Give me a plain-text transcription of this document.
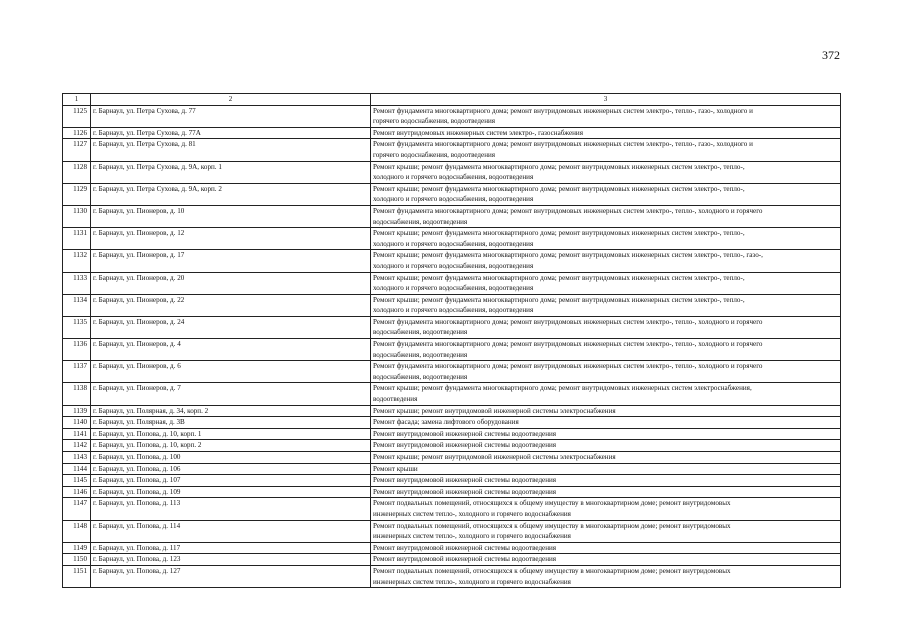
372
1	2	3
1125	г. Барнаул, ул. Петра Сухова, д. 77	Ремонт фундамента многоквартирного дома; ремонт внутридомовых инженерных систем электро-, тепло-, газо-, холодного и
горячего водоснабжения, водоотведения

1126	г. Барнаул, ул. Петра Сухова, д. 77А	Ремонт внутридомовых инженерных систем электро-, газоснабжения

1127	г. Барнаул, ул. Петра Сухова, д. 81	Ремонт фундамента многоквартирного дома; ремонт внутридомовых инженерных систем электро-, тепло-, газо-, холодного и
горячего водоснабжения, водоотведения

1128	г. Барнаул, ул. Петра Сухова, д. 9А, корп. 1	Ремонт крыши; ремонт фундамента многоквартирного дома; ремонт внутридомовых инженерных систем электро-, тепло-,
холодного и горячего водоснабжения, водоотведения

1129	г. Барнаул, ул. Петра Сухова, д. 9А, корп. 2	Ремонт крыши; ремонт фундамента многоквартирного дома; ремонт внутридомовых инженерных систем электро-, тепло-,
холодного и горячего водоснабжения, водоотведения

1130	г. Барнаул, ул. Пионеров, д. 10	Ремонт фундамента многоквартирного дома; ремонт внутридомовых инженерных систем электро-, тепло-, холодного и горячего
водоснабжения, водоотведения

1131	г. Барнаул, ул. Пионеров, д. 12	Ремонт крыши; ремонт фундамента многоквартирного дома; ремонт внутридомовых инженерных систем электро-, тепло-,
холодного и горячего водоснабжения, водоотведения

1132	г. Барнаул, ул. Пионеров, д. 17	Ремонт крыши; ремонт фундамента многоквартирного дома; ремонт внутридомовых инженерных систем электро-, тепло-, газо-,
холодного и горячего водоснабжения, водоотведения

1133	г. Барнаул, ул. Пионеров, д. 20	Ремонт крыши; ремонт фундамента многоквартирного дома; ремонт внутридомовых инженерных систем электро-, тепло-,
холодного и горячего водоснабжения, водоотведения

1134	г. Барнаул, ул. Пионеров, д. 22	Ремонт крыши; ремонт фундамента многоквартирного дома; ремонт внутридомовых инженерных систем электро-, тепло-,
холодного и горячего водоснабжения, водоотведения

1135	г. Барнаул, ул. Пионеров, д. 24	Ремонт фундамента многоквартирного дома; ремонт внутридомовых инженерных систем электро-, тепло-, холодного и горячего
водоснабжения, водоотведения

1136	г. Барнаул, ул. Пионеров, д. 4	Ремонт фундамента многоквартирного дома; ремонт внутридомовых инженерных систем электро-, тепло-, холодного и горячего
водоснабжения, водоотведения

1137	г. Барнаул, ул. Пионеров, д. 6	Ремонт фундамента многоквартирного дома; ремонт внутридомовых инженерных систем электро-, тепло-, холодного и горячего
водоснабжения, водоотведения

1138	г. Барнаул, ул. Пионеров, д. 7	Ремонт крыши; ремонт фундамента многоквартирного дома; ремонт внутридомовых инженерных систем электроснабжения,
водоотведения

1139	г. Барнаул, ул. Полярная, д. 34, корп. 2	Ремонт крыши; ремонт внутридомовой инженерной системы электроснабжения

1140	г. Барнаул, ул. Полярная, д. 3В	Ремонт фасада; замена лифтового оборудования

1141	г. Барнаул, ул. Попова, д. 10, корп. 1	Ремонт внутридомовой инженерной системы водоотведения

1142	г. Барнаул, ул. Попова, д. 10, корп. 2	Ремонт внутридомовой инженерной системы водоотведения

1143	г. Барнаул, ул. Попова, д. 100	Ремонт крыши; ремонт внутридомовой инженерной системы электроснабжения

1144	г. Барнаул, ул. Попова, д. 106	Ремонт крыши

1145	г. Барнаул, ул. Попова, д. 107	Ремонт внутридомовой инженерной системы водоотведения

1146	г. Барнаул, ул. Попова, д. 109	Ремонт внутридомовой инженерной системы водоотведения

1147	г. Барнаул, ул. Попова, д. 113	Ремонт подвальных помещений, относящихся к общему имуществу в многоквартирном доме; ремонт внутридомовых
инженерных систем тепло-, холодного и горячего водоснабжения

1148	г. Барнаул, ул. Попова, д. 114	Ремонт подвальных помещений, относящихся к общему имуществу в многоквартирном доме; ремонт внутридомовых
инженерных систем тепло-, холодного и горячего водоснабжения

1149	г. Барнаул, ул. Попова, д. 117	Ремонт внутридомовой инженерной системы водоотведения

1150	г. Барнаул, ул. Попова, д. 123	Ремонт внутридомовой инженерной системы водоотведения

1151	г. Барнаул, ул. Попова, д. 127	Ремонт подвальных помещений, относящихся к общему имуществу в многоквартирном доме; ремонт внутридомовых
инженерных систем тепло-, холодного и горячего водоснабжения
